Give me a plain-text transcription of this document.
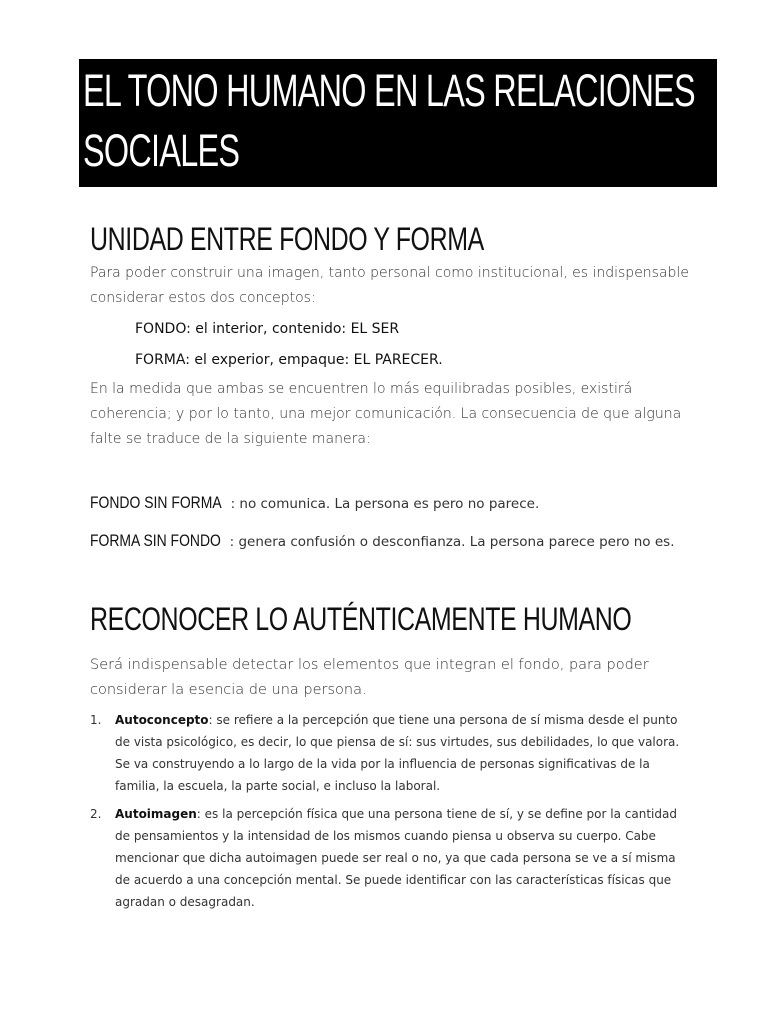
EL TONO HUMANO EN LAS RELACIONES SOCIALES
UNIDAD ENTRE FONDO Y FORMA

Para poder construir una imagen, tanto personal como institucional, es indispensable considerar estos dos conceptos:

FONDO: el interior, contenido: EL SER

FORMA: el experior, empaque: EL PARECER.

En la medida que ambas se encuentren lo más equilibradas posibles, existirá coherencia; y por lo tanto, una mejor comunicación. La consecuencia de que alguna falte se traduce de la siguiente manera:

FONDO SIN FORMA : no comunica. La persona es pero no parece.

FORMA SIN FONDO : genera confusión o desconfianza. La persona parece pero no es.

RECONOCER LO AUTÉNTICAMENTE HUMANO

Será indispensable detectar los elementos que integran el fondo, para poder considerar la esencia de una persona.

1. Autoconcepto: se refiere a la percepción que tiene una persona de sí misma desde el punto de vista psicológico, es decir, lo que piensa de sí: sus virtudes, sus debilidades, lo que valora. Se va construyendo a lo largo de la vida por la influencia de personas significativas de la familia, la escuela, la parte social, e incluso la laboral.
2. Autoimagen: es la percepción física que una persona tiene de sí, y se define por la cantidad de pensamientos y la intensidad de los mismos cuando piensa u observa su cuerpo. Cabe mencionar que dicha autoimagen puede ser real o no, ya que cada persona se ve a sí misma de acuerdo a una concepción mental. Se puede identificar con las características físicas que agradan o desagradan.
